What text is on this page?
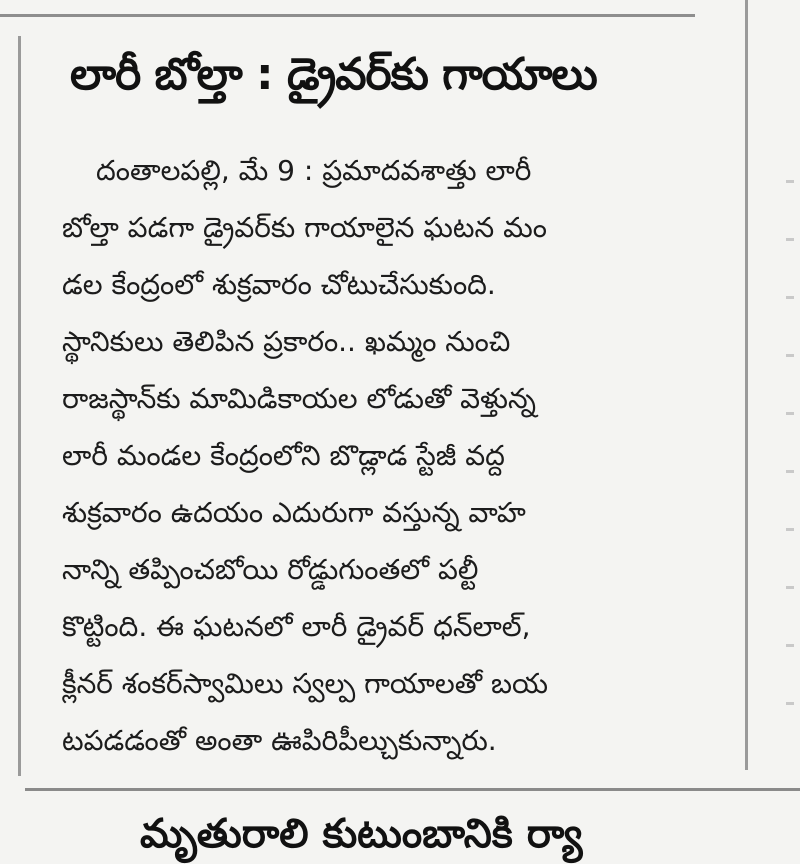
లారీ బోల్తా : డ్రైవర్‌కు గాయాలు
దంతాలపల్లి, మే 9 : ప్రమాదవశాత్తు లారీ
బోల్తా పడగా డ్రైవర్‌కు గాయాలైన ఘటన మం
డల కేంద్రంలో శుక్రవారం చోటుచేసుకుంది.
స్థానికులు తెలిపిన ప్రకారం.. ఖమ్మం నుంచి
రాజస్థాన్‌కు మామిడికాయల లోడుతో వెళ్తున్న
లారీ మండల కేంద్రంలోని బొడ్లాడ స్టేజీ వద్ద
శుక్రవారం ఉదయం ఎదురుగా వస్తున్న వాహ
నాన్ని తప్పించబోయి రోడ్డుగుంతలో పల్టీ
కొట్టింది. ఈ ఘటనలో లారీ డ్రైవర్ ధన్‌లాల్,
క్లీనర్ శంకర్‌స్వామిలు స్వల్ప గాయాలతో బయ
టపడడంతో అంతా ఊపిరిపీల్చుకున్నారు.
మృతురాలి కుటుంబానికి ర్యా
